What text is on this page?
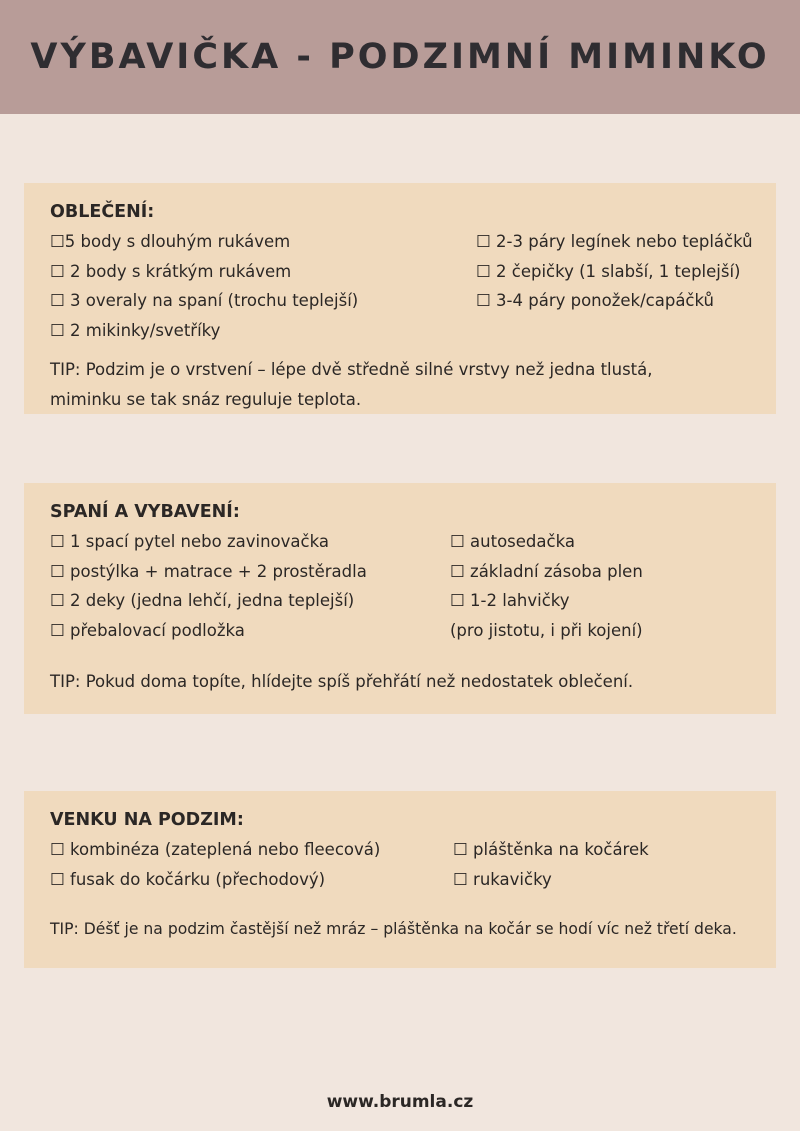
VÝBAVIČKA - PODZIMNÍ MIMINKO
OBLEČENÍ:
☐5 body s dlouhým rukávem
☐ 2 body s krátkým rukávem
☐ 3 overaly na spaní (trochu teplejší)
☐ 2 mikinky/svetříky
☐ 2-3 páry legínek nebo tepláčků
☐ 2 čepičky (1 slabší, 1 teplejší)
☐ 3-4 páry ponožek/capáčků
TIP: Podzim je o vrstvení – lépe dvě středně silné vrstvy než jedna tlustá,
miminku se tak snáz reguluje teplota.
SPANÍ A VYBAVENÍ:
☐ 1 spací pytel nebo zavinovačka
☐ postýlka + matrace + 2 prostěradla
☐ 2 deky (jedna lehčí, jedna teplejší)
☐ přebalovací podložka
☐ autosedačka
☐ základní zásoba plen
☐ 1-2 lahvičky
(pro jistotu, i při kojení)
TIP: Pokud doma topíte, hlídejte spíš přehřátí než nedostatek oblečení.
VENKU NA PODZIM:
☐ kombinéza (zateplená nebo fleecová)
☐ fusak do kočárku (přechodový)
☐ pláštěnka na kočárek
☐ rukavičky
TIP: Déšť je na podzim častější než mráz – pláštěnka na kočár se hodí víc než třetí deka.
www.brumla.cz
